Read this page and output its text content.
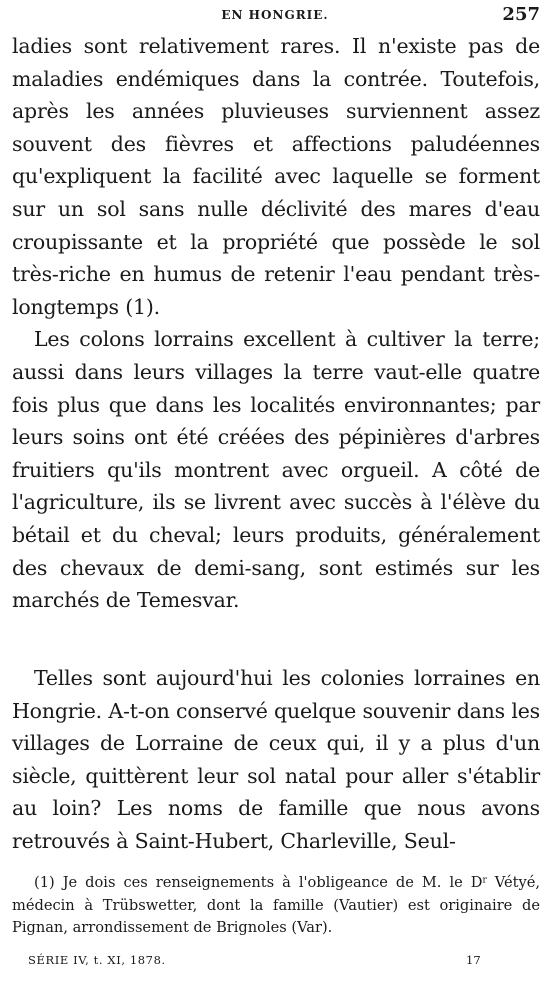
EN HONGRIE.	257

ladies sont relativement rares. Il n'existe pas de maladies endémiques dans la contrée. Toutefois, après les années pluvieuses surviennent assez souvent des fièvres et affections paludéennes qu'expliquent la facilité avec laquelle se forment sur un sol sans nulle déclivité des mares d'eau croupissante et la propriété que possède le sol très-riche en humus de retenir l'eau pendant très-longtemps (1).

Les colons lorrains excellent à cultiver la terre; aussi dans leurs villages la terre vaut-elle quatre fois plus que dans les localités environnantes; par leurs soins ont été créées des pépinières d'arbres fruitiers qu'ils montrent avec orgueil. A côté de l'agriculture, ils se livrent avec succès à l'élève du bétail et du cheval; leurs produits, généralement des chevaux de demi-sang, sont estimés sur les marchés de Temesvar.

Telles sont aujourd'hui les colonies lorraines en Hongrie. A-t-on conservé quelque souvenir dans les villages de Lorraine de ceux qui, il y a plus d'un siècle, quittèrent leur sol natal pour aller s'établir au loin? Les noms de famille que nous avons retrouvés à Saint-Hubert, Charleville, Seul-

(1) Je dois ces renseignements à l'obligeance de M. le $D^r$ Vétyé, médecin à Trübswetter, dont la famille (Vautier) est originaire de Pignan, arrondissement de Brignoles (Var).

SÉRIE IV, t. XI, 1878.	17
